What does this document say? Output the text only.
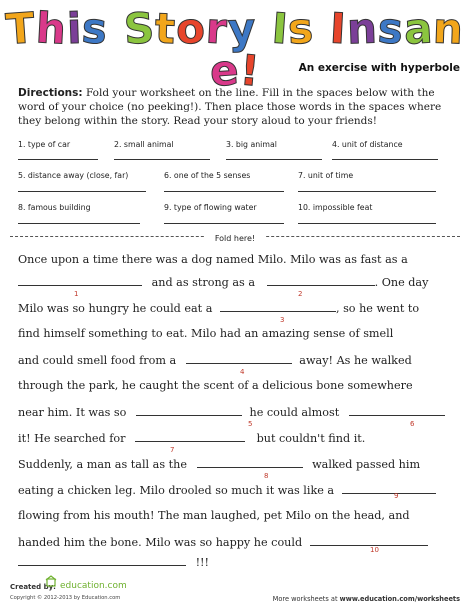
This Story Is Insane!	An exercise with hyperbole
Directions: Fold your worksheet on the line. Fill in the spaces below with the word of your choice (no peeking!). Then place those words in the spaces where they belong within the story. Read your story aloud to your friends!
1. type of car	2. small animal	3. big animal	4. unit of distance
5. distance away (close, far)	6. one of the 5 senses	7. unit of time
8. famous building	9. type of flowing water	10. impossible feat
Fold here!
Once upon a time there was a dog named Milo. Milo was as fast as a
and as strong as a	. One day
1	2
Milo was so hungry he could eat a	, so he went to
3
find himself something to eat. Milo had an amazing sense of smell
and could smell food from a	away! As he walked
4
through the park, he caught the scent of a delicious bone somewhere
near him. It was so	he could almost
5	6
it! He searched for	but couldn't find it.
7
Suddenly, a man as tall as the	walked passed him
8
eating a chicken leg. Milo drooled so much it was like a	9
flowing from his mouth! The man laughed, pet Milo on the head, and
handed him the bone. Milo was so happy he could
10
!!!
Created by: education.com
Copyright © 2012-2013 by Education.com	More worksheets at www.education.com/worksheets
